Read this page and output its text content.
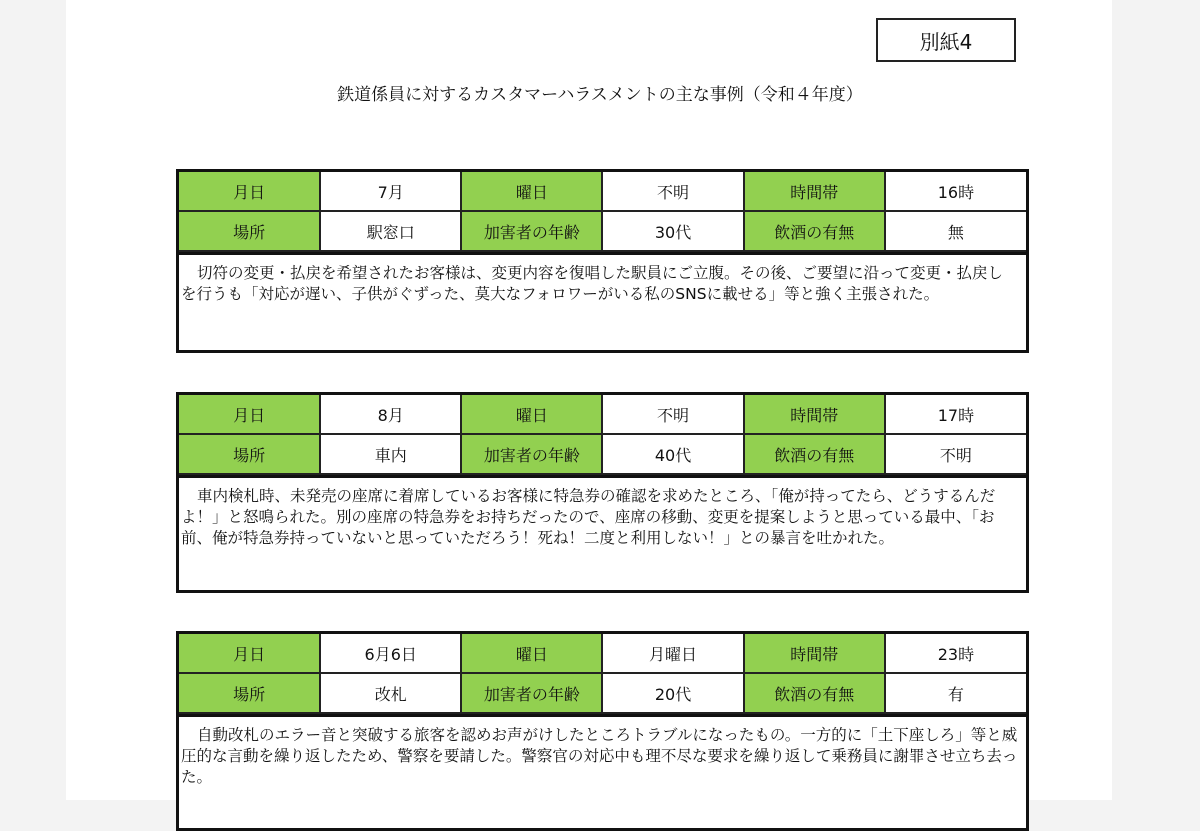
別紙4
鉄道係員に対するカスタマーハラスメントの主な事例（令和４年度）
月日	7月	曜日	不明	時間帯	16時
場所	駅窓口	加害者の年齢	30代	飲酒の有無	無
切符の変更・払戻を希望されたお客様は、変更内容を復唱した駅員にご立腹。その後、ご要望に沿って変更・払戻しを行うも「対応が遅い、子供がぐずった、莫大なフォロワーがいる私のSNSに載せる」等と強く主張された。
月日	8月	曜日	不明	時間帯	17時
場所	車内	加害者の年齢	40代	飲酒の有無	不明
車内検札時、未発売の座席に着席しているお客様に特急券の確認を求めたところ、「俺が持ってたら、どうするんだよ！」と怒鳴られた。別の座席の特急券をお持ちだったので、座席の移動、変更を提案しようと思っている最中、「お前、俺が特急券持っていないと思っていただろう！死ね！二度と利用しない！」との暴言を吐かれた。
月日	6月6日	曜日	月曜日	時間帯	23時
場所	改札	加害者の年齢	20代	飲酒の有無	有
自動改札のエラー音と突破する旅客を認めお声がけしたところトラブルになったもの。一方的に「土下座しろ」等と威圧的な言動を繰り返したため、警察を要請した。警察官の対応中も理不尽な要求を繰り返して乗務員に謝罪させ立ち去った。
